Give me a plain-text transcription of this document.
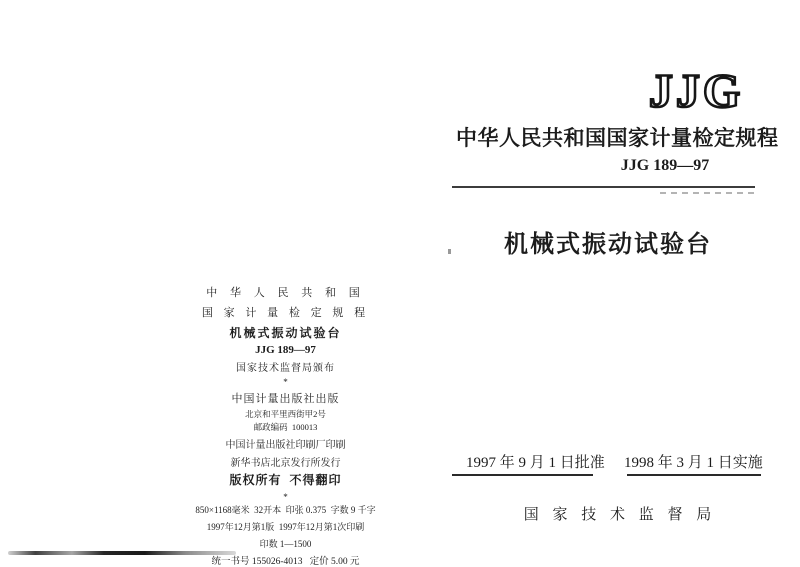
JJG
中华人民共和国国家计量检定规程
JJG 189—97
机械式振动试验台
1997 年 9 月 1 日批准 1998 年 3 月 1 日实施
国 家 技 术 监 督 局
中 华 人 民 共 和 国
国 家 计 量 检 定 规 程
机械式振动试验台
JJG 189—97
国家技术监督局颁布
*
中国计量出版社出版
北京和平里西街甲2号
邮政编码  100013
中国计量出版社印刷厂印刷
新华书店北京发行所发行
版权所有  不得翻印
*
850×1168毫米  32开本  印张 0.375  字数 9 千字
1997年12月第1版  1997年12月第1次印刷
印数 1—1500
统一书号 155026-4013   定价 5.00 元
